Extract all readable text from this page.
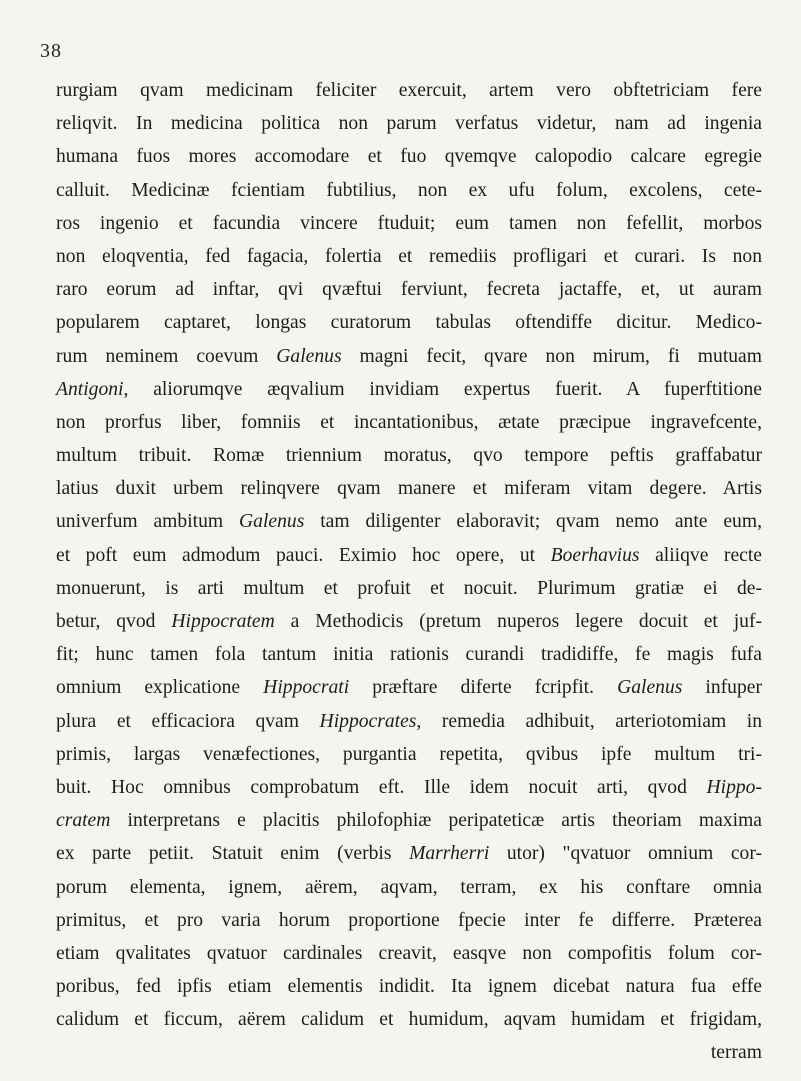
38
rurgiam qvam medicinam feliciter exercuit, artem vero obftetriciam fere
reliqvit. In medicina politica non parum verfatus videtur, nam ad ingenia
humana fuos mores accomodare et fuo qvemqve calopodio calcare egregie
calluit. Medicinæ fcientiam fubtilius, non ex ufu folum, excolens, cete-
ros ingenio et facundia vincere ftuduit; eum tamen non fefellit, morbos
non eloqventia, fed fagacia, folertia et remediis profligari et curari. Is non
raro eorum ad inftar, qvi qvæftui ferviunt, fecreta jactaffe, et, ut auram
popularem captaret, longas curatorum tabulas oftendiffe dicitur. Medico-
rum neminem coevum Galenus magni fecit, qvare non mirum, fi mutuam
Antigoni, aliorumqve æqvalium invidiam expertus fuerit. A fuperftitione
non prorfus liber, fomniis et incantationibus, ætate præcipue ingravefcente,
multum tribuit. Romæ triennium moratus, qvo tempore peftis graffabatur
latius duxit urbem relinqvere qvam manere et miferam vitam degere. Artis
univerfum ambitum Galenus tam diligenter elaboravit; qvam nemo ante eum,
et poft eum admodum pauci. Eximio hoc opere, ut Boerhavius aliiqve recte
monuerunt, is arti multum et profuit et nocuit. Plurimum gratiæ ei de-
betur, qvod Hippocratem a Methodicis (pretum nuperos legere docuit et juf-
fit; hunc tamen fola tantum initia rationis curandi tradidiffe, fe magis fufa
omnium explicatione Hippocrati præftare diferte fcripfit. Galenus infuper
plura et efficaciora qvam Hippocrates, remedia adhibuit, arteriotomiam in
primis, largas venæfectiones, purgantia repetita, qvibus ipfe multum tri-
buit. Hoc omnibus comprobatum eft. Ille idem nocuit arti, qvod Hippo-
cratem interpretans e placitis philofophiæ peripateticæ artis theoriam maxima
ex parte petiit. Statuit enim (verbis Marrherri utor) "qvatuor omnium cor-
porum elementa, ignem, aërem, aqvam, terram, ex his conftare omnia
primitus, et pro varia horum proportione fpecie inter fe differre. Præterea
etiam qvalitates qvatuor cardinales creavit, easqve non compofitis folum cor-
poribus, fed ipfis etiam elementis indidit. Ita ignem dicebat natura fua effe
calidum et ficcum, aërem calidum et humidum, aqvam humidam et frigidam,
terram
